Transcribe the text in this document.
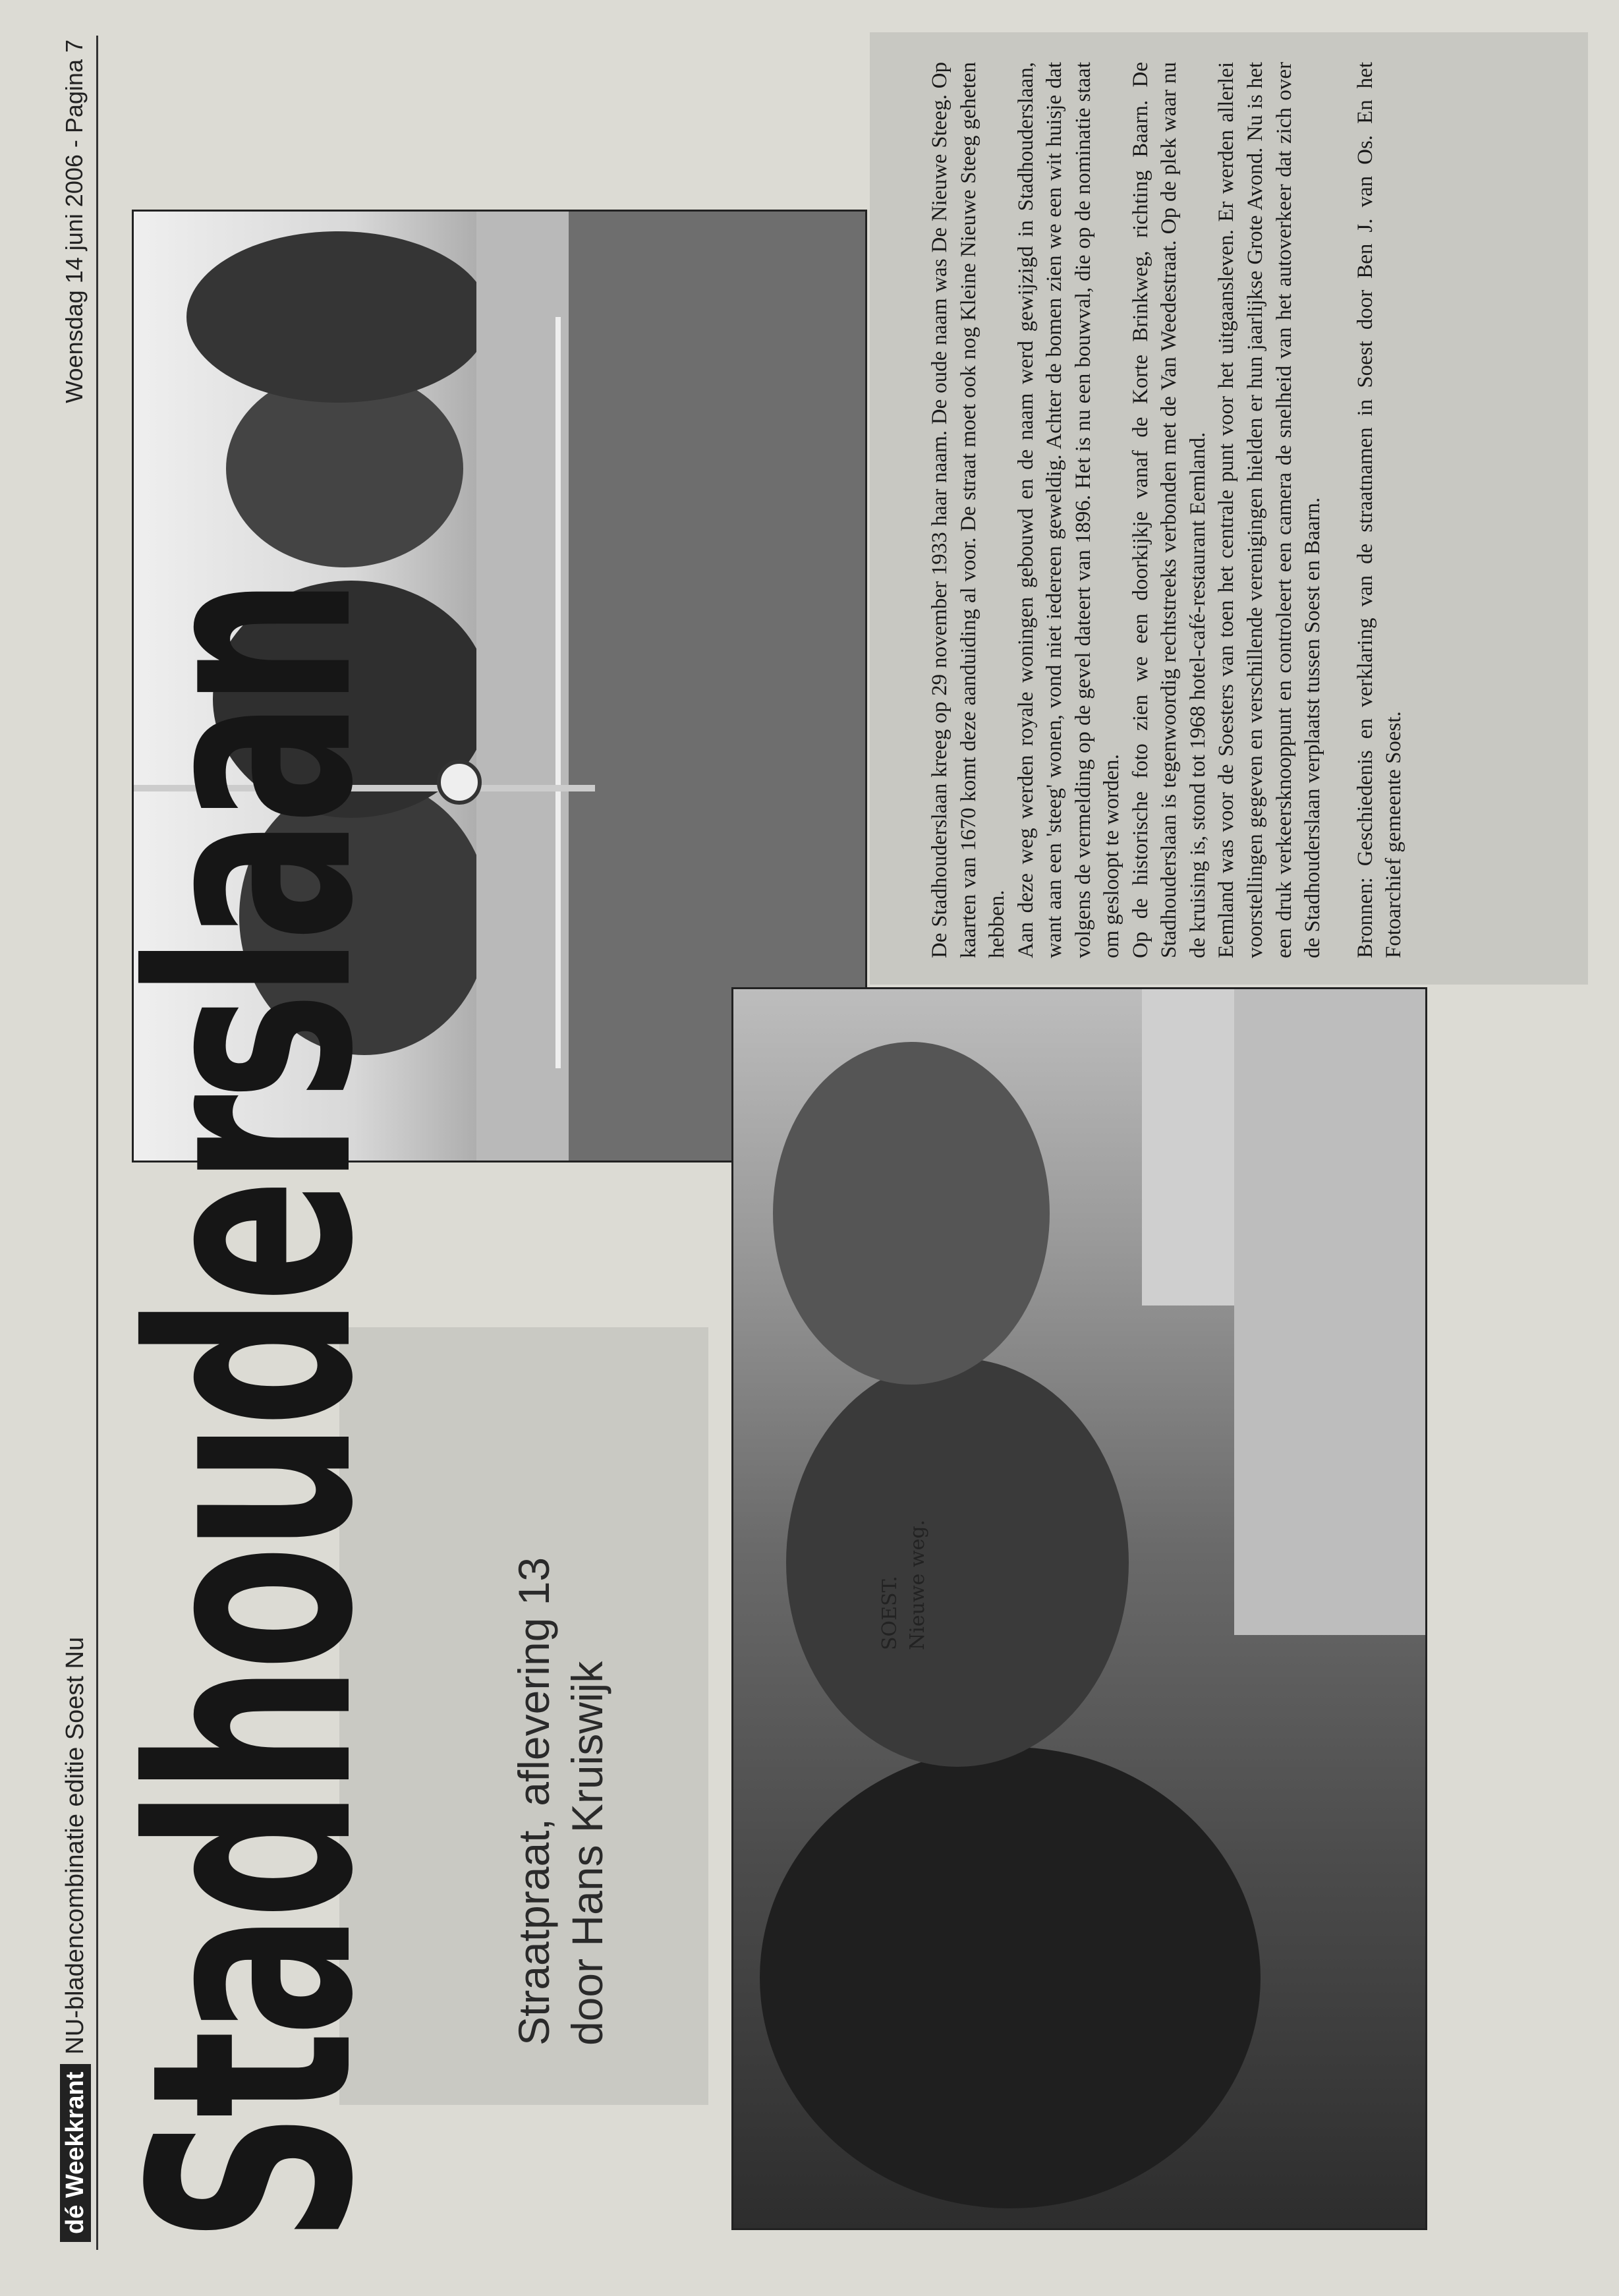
dé Weekkrant
NU-bladencombinatie editie Soest Nu
Woensdag 14 juni 2006 - Pagina 7
SOEST. Nieuwe weg.
Stadhouderslaan Straatpraat, aflevering 13 door Hans Kruiswijk

De Stadhouderslaan kreeg op 29 november 1933 haar naam. De oude naam was De Nieuwe Steeg. Op kaarten van 1670 komt deze aanduiding al voor. De straat moet ook nog Kleine Nieuwe Steeg geheten hebben. Aan deze weg werden royale woningen gebouwd en de naam werd gewijzigd in Stadhouderslaan, want aan een 'steeg' wonen, vond niet iedereen geweldig. Achter de bomen zien we een wit huisje dat volgens de vermelding op de gevel dateert van 1896. Het is nu een bouwval, die op de nominatie staat om gesloopt te worden. Op de historische foto zien we een doorkijkje vanaf de Korte Brinkweg, richting Baarn. De Stadhouderslaan is tegenwoordig rechtstreeks verbonden met de Van Weedestraat. Op de plek waar nu de kruising is, stond tot 1968 hotel-café-restaurant Eemland. Eemland was voor de Soesters van toen het centrale punt voor het uitgaansleven. Er werden allerlei voorstellingen gegeven en verschillende verenigingen hielden er hun jaarlijkse Grote Avond. Nu is het een druk verkeersknooppunt en controleert een camera de snelheid van het autoverkeer dat zich over de Stadhouderslaan verplaatst tussen Soest en Baarn. Bronnen: Geschiedenis en verklaring van de straatnamen in Soest door Ben J. van Os. En het Fotoarchief gemeente Soest.
